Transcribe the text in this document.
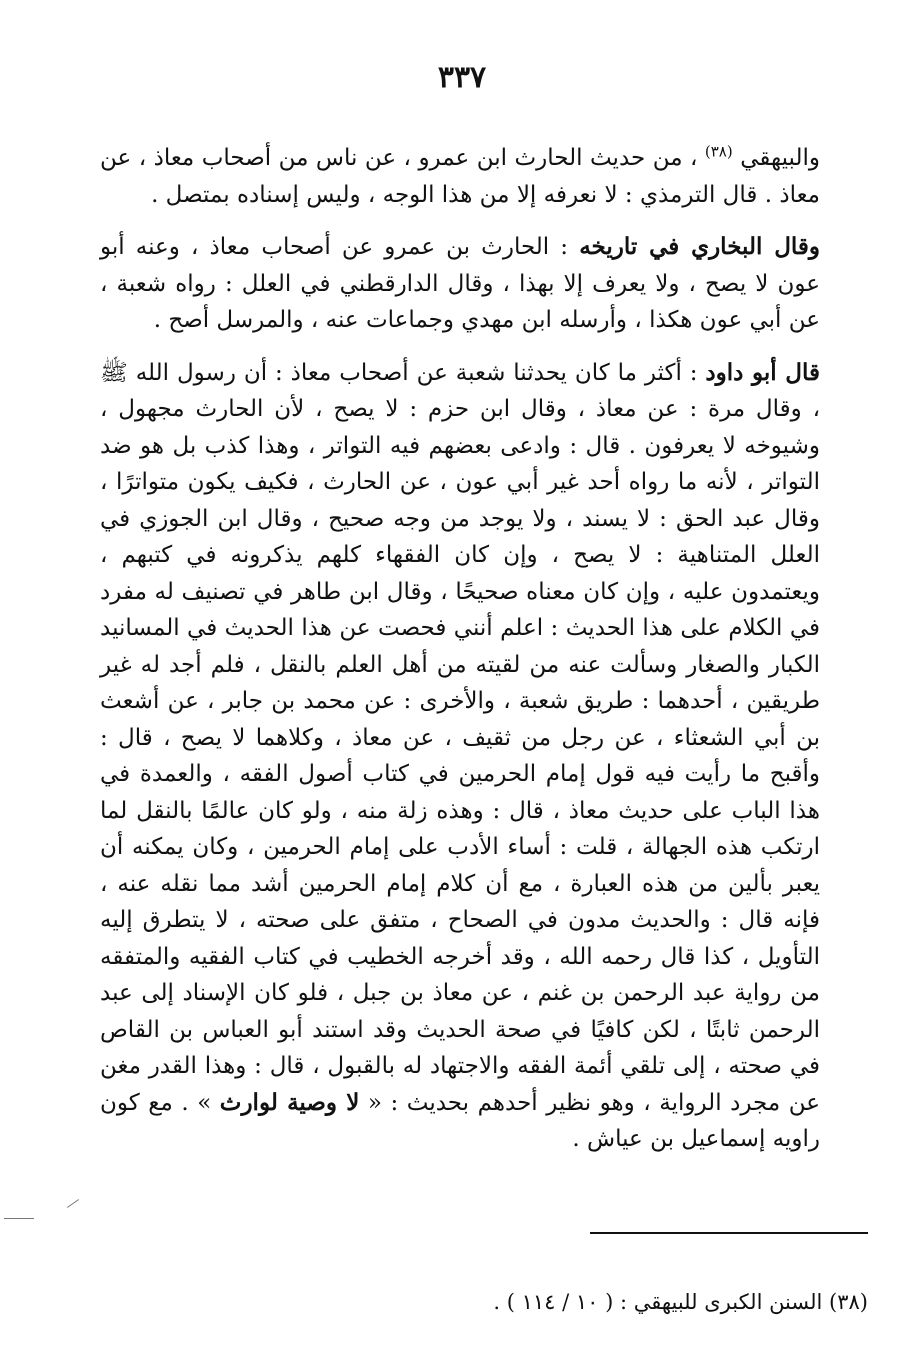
٣٣٧

والبيهقي $^{(٣٨)}$ ، من حديث الحارث ابن عمرو ، عن ناس من أصحاب معاذ ، عن معاذ . قال الترمذي : لا نعرفه إلا من هذا الوجه ، وليس إسناده بمتصل .

وقال البخاري في تاريخه : الحارث بن عمرو عن أصحاب معاذ ، وعنه أبو عون لا يصح ، ولا يعرف إلا بهذا ، وقال الدارقطني في العلل : رواه شعبة ، عن أبي عون هكذا ، وأرسله ابن مهدي وجماعات عنه ، والمرسل أصح .

قال أبو داود : أكثر ما كان يحدثنا شعبة عن أصحاب معاذ : أن رسول الله ﷺ ، وقال مرة : عن معاذ ، وقال ابن حزم : لا يصح ، لأن الحارث مجهول ، وشيوخه لا يعرفون . قال : وادعى بعضهم فيه التواتر ، وهذا كذب بل هو ضد التواتر ، لأنه ما رواه أحد غير أبي عون ، عن الحارث ، فكيف يكون متواترًا ، وقال عبد الحق : لا يسند ، ولا يوجد من وجه صحيح ، وقال ابن الجوزي في العلل المتناهية : لا يصح ، وإن كان الفقهاء كلهم يذكرونه في كتبهم ، ويعتمدون عليه ، وإن كان معناه صحيحًا ، وقال ابن طاهر في تصنيف له مفرد في الكلام على هذا الحديث : اعلم أنني فحصت عن هذا الحديث في المسانيد الكبار والصغار وسألت عنه من لقيته من أهل العلم بالنقل ، فلم أجد له غير طريقين ، أحدهما : طريق شعبة ، والأخرى : عن محمد بن جابر ، عن أشعث بن أبي الشعثاء ، عن رجل من ثقيف ، عن معاذ ، وكلاهما لا يصح ، قال : وأقبح ما رأيت فيه قول إمام الحرمين في كتاب أصول الفقه ، والعمدة في هذا الباب على حديث معاذ ، قال : وهذه زلة منه ، ولو كان عالمًا بالنقل لما ارتكب هذه الجهالة ، قلت : أساء الأدب على إمام الحرمين ، وكان يمكنه أن يعبر بألين من هذه العبارة ، مع أن كلام إمام الحرمين أشد مما نقله عنه ، فإنه قال : والحديث مدون في الصحاح ، متفق على صحته ، لا يتطرق إليه التأويل ، كذا قال رحمه الله ، وقد أخرجه الخطيب في كتاب الفقيه والمتفقه من رواية عبد الرحمن بن غنم ، عن معاذ بن جبل ، فلو كان الإسناد إلى عبد الرحمن ثابتًا ، لكن كافيًا في صحة الحديث وقد استند أبو العباس بن القاص في صحته ، إلى تلقي أئمة الفقه والاجتهاد له بالقبول ، قال : وهذا القدر مغن عن مجرد الرواية ، وهو نظير أحدهم بحديث : « لا وصية لوارث » . مع كون راويه إسماعيل بن عياش .

(٣٨) السنن الكبرى للبيهقي : ( ١٠ / ١١٤ ) .
